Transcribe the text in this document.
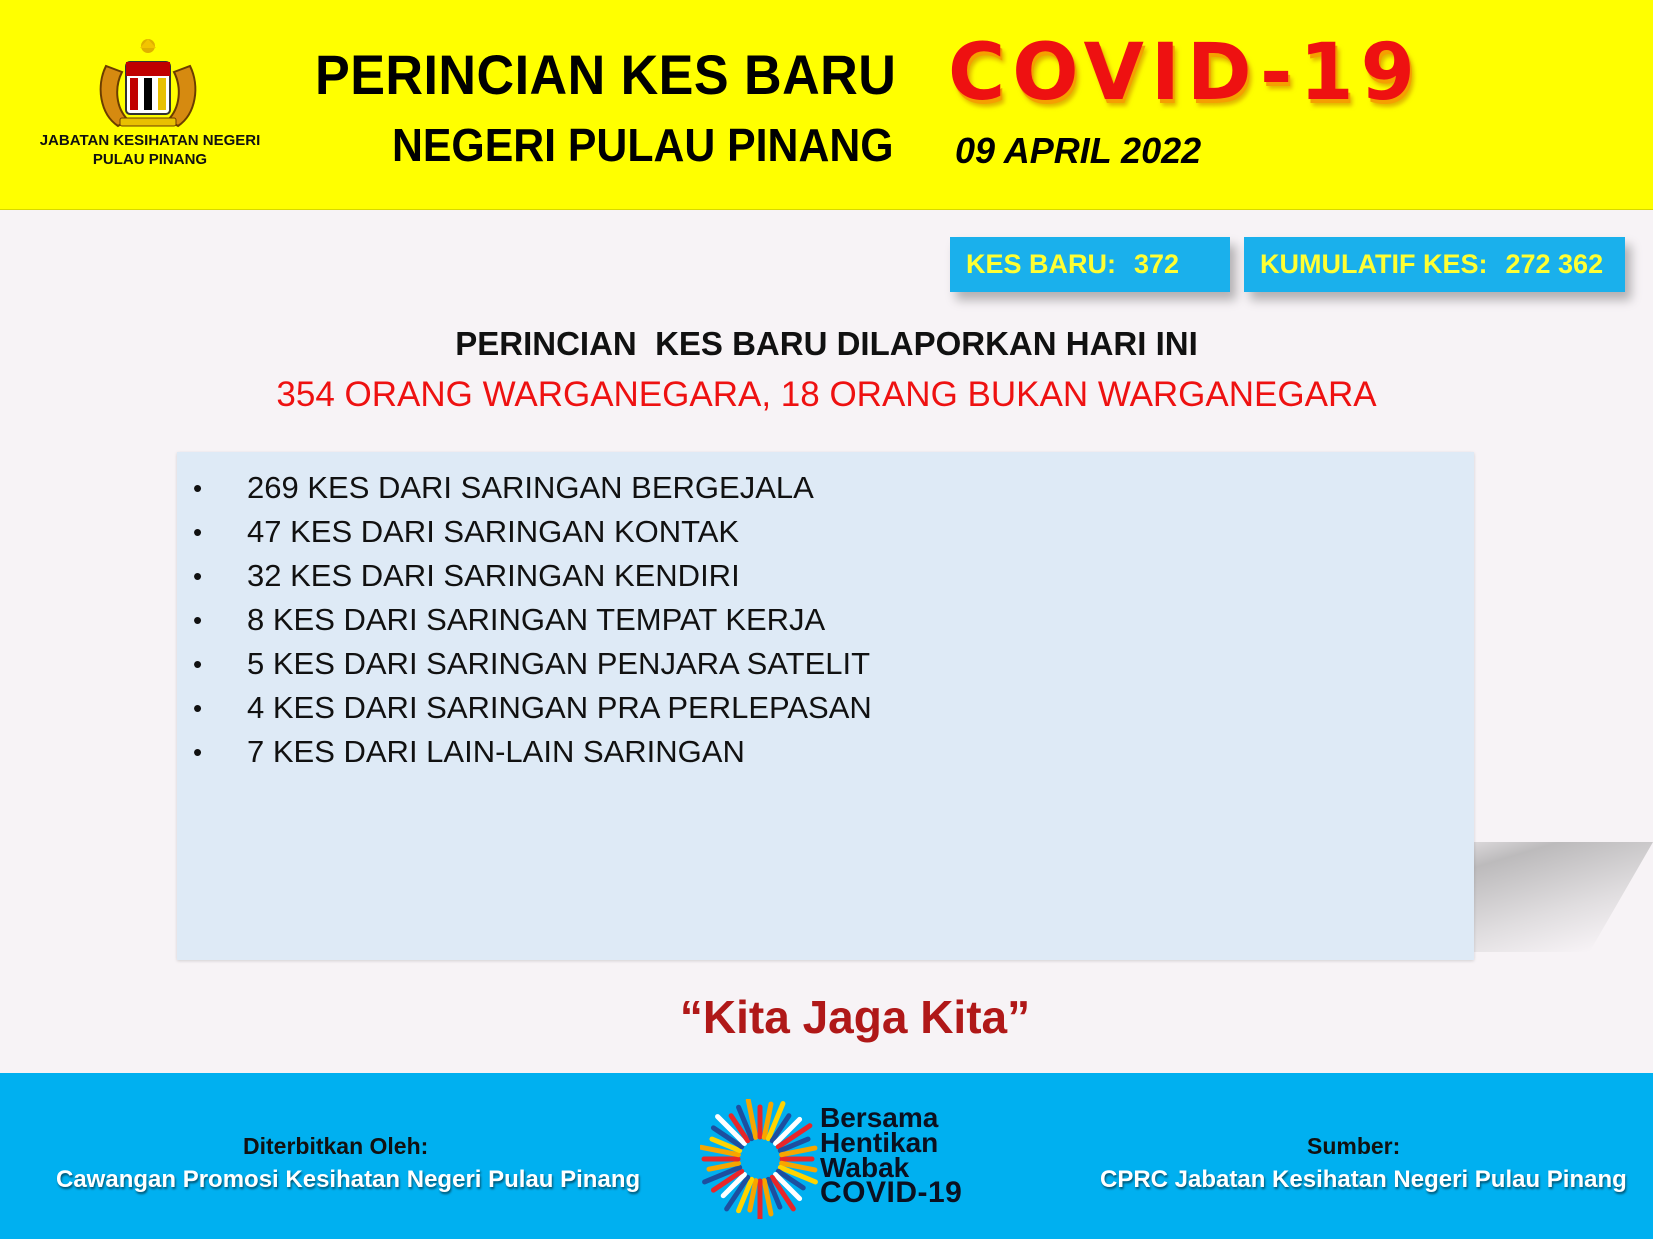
JABATAN KESIHATAN NEGERI
PULAU PINANG
PERINCIAN KES BARU COVID-19
NEGERI PULAU PINANG 09 APRIL 2022
KES BARU: 372	KUMULATIF KES: 272 362
PERINCIAN  KES BARU DILAPORKAN HARI INI
354 ORANG WARGANEGARA, 18 ORANG BUKAN WARGANEGARA
• 269 KES DARI SARINGAN BERGEJALA
• 47 KES DARI SARINGAN KONTAK
• 32 KES DARI SARINGAN KENDIRI
• 8 KES DARI SARINGAN TEMPAT KERJA
• 5 KES DARI SARINGAN PENJARA SATELIT
• 4 KES DARI SARINGAN PRA PERLEPASAN
• 7 KES DARI LAIN-LAIN SARINGAN
“Kita Jaga Kita”
Diterbitkan Oleh:
Cawangan Promosi Kesihatan Negeri Pulau Pinang
Bersama
Hentikan
Wabak
COVID-19
Sumber:
CPRC Jabatan Kesihatan Negeri Pulau Pinang
